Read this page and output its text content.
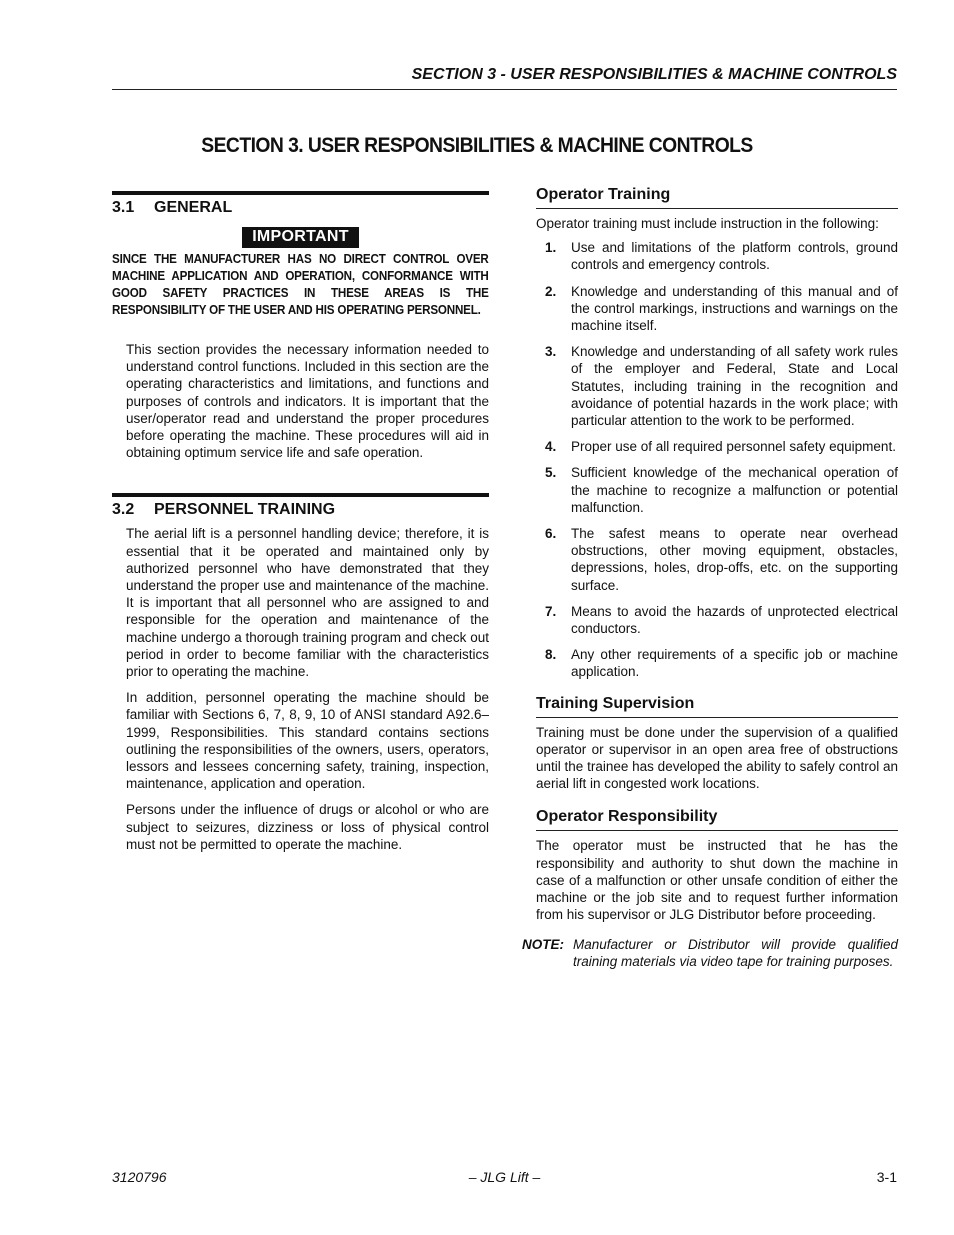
SECTION 3 - USER RESPONSIBILITIES & MACHINE CONTROLS
SECTION 3. USER RESPONSIBILITIES & MACHINE CONTROLS
3.1 GENERAL
IMPORTANT

SINCE THE MANUFACTURER HAS NO DIRECT CONTROL OVER MACHINE APPLICATION AND OPERATION, CONFORMANCE WITH GOOD SAFETY PRACTICES IN THESE AREAS IS THE RESPONSIBILITY OF THE USER AND HIS OPERATING PERSONNEL.

This section provides the necessary information needed to understand control functions. Included in this section are the operating characteristics and limitations, and functions and purposes of controls and indicators. It is important that the user/operator read and understand the proper procedures before operating the machine. These procedures will aid in obtaining optimum service life and safe operation.

3.2 PERSONNEL TRAINING

The aerial lift is a personnel handling device; therefore, it is essential that it be operated and maintained only by authorized personnel who have demonstrated that they understand the proper use and maintenance of the machine. It is important that all personnel who are assigned to and responsible for the operation and maintenance of the machine undergo a thorough training program and check out period in order to become familiar with the characteristics prior to operating the machine.

In addition, personnel operating the machine should be familiar with Sections 6, 7, 8, 9, 10 of ANSI standard A92.6–1999, Responsibilities. This standard contains sections outlining the responsibilities of the owners, users, operators, lessors and lessees concerning safety, training, inspection, maintenance, application and operation.

Persons under the influence of drugs or alcohol or who are subject to seizures, dizziness or loss of physical control must not be permitted to operate the machine.

Operator Training

Operator training must include instruction in the following:

1.	Use and limitations of the platform controls, ground controls and emergency controls.
2.	Knowledge and understanding of this manual and of the control markings, instructions and warnings on the machine itself.
3.	Knowledge and understanding of all safety work rules of the employer and Federal, State and Local Statutes, including training in the recognition and avoidance of potential hazards in the work place; with particular attention to the work to be performed.
4.	Proper use of all required personnel safety equipment.
5.	Sufficient knowledge of the mechanical operation of the machine to recognize a malfunction or potential malfunction.
6.	The safest means to operate near overhead obstructions, other moving equipment, obstacles, depressions, holes, drop-offs, etc. on the supporting surface.
7.	Means to avoid the hazards of unprotected electrical conductors.
8.	Any other requirements of a specific job or machine application.
Training Supervision

Training must be done under the supervision of a qualified operator or supervisor in an open area free of obstructions until the trainee has developed the ability to safely control an aerial lift in congested work locations.

Operator Responsibility

The operator must be instructed that he has the responsibility and authority to shut down the machine in case of a malfunction or other unsafe condition of either the machine or the job site and to request further information from his supervisor or JLG Distributor before proceeding.

NOTE: Manufacturer or Distributor will provide qualified training materials via video tape for training purposes.
3120796	– JLG Lift –	3-1
